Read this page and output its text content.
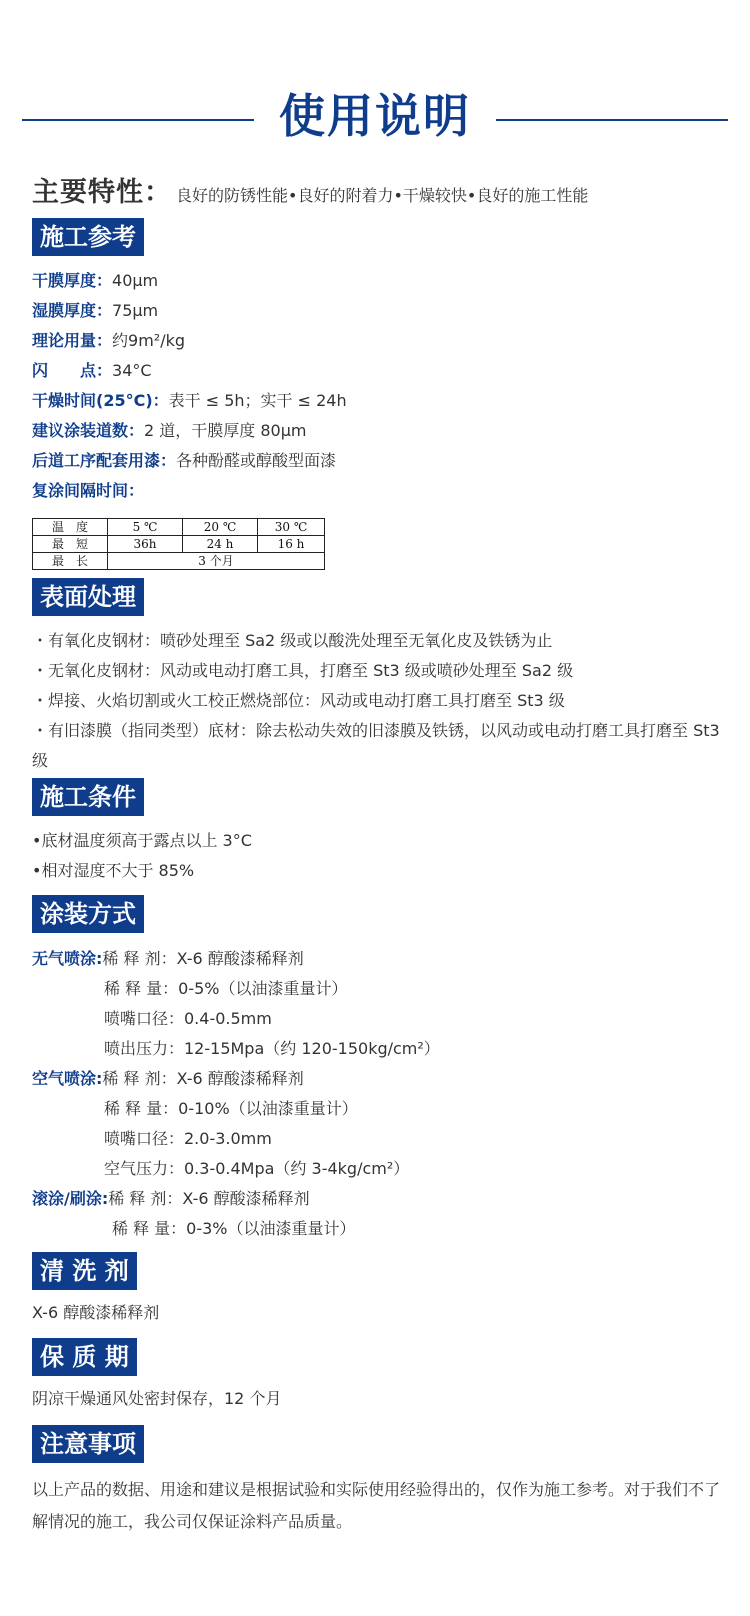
使用说明
主要特性： 良好的防锈性能•良好的附着力•干燥较快•良好的施工性能
施工参考
干膜厚度：40μm
湿膜厚度：75μm
理论用量：约9m²/kg
闪　　点：34°C
干燥时间(25°C)：表干 ≤ 5h；实干 ≤ 24h
建议涂装道数：2 道，干膜厚度 80μm
后道工序配套用漆：各种酚醛或醇酸型面漆
复涂间隔时间：
温　度	5 ℃	20 ℃	30 ℃
最　短	36h	24 h	16 h
最　长	3 个月		
表面处理
・有氧化皮钢材：喷砂处理至 Sa2 级或以酸洗处理至无氧化皮及铁锈为止
・无氧化皮钢材：风动或电动打磨工具，打磨至 St3 级或喷砂处理至 Sa2 级
・焊接、火焰切割或火工校正燃烧部位：风动或电动打磨工具打磨至 St3 级
・有旧漆膜（指同类型）底材：除去松动失效的旧漆膜及铁锈，以风动或电动打磨工具打磨至 St3 级
施工条件
•底材温度须高于露点以上 3°C
•相对湿度不大于 85%
涂装方式
无气喷涂:稀 释 剂：X-6 醇酸漆稀释剂
稀 释 量：0-5%（以油漆重量计）
喷嘴口径：0.4-0.5mm
喷出压力：12-15Mpa（约 120-150kg/cm²）
空气喷涂:稀 释 剂：X-6 醇酸漆稀释剂
稀 释 量：0-10%（以油漆重量计）
喷嘴口径：2.0-3.0mm
空气压力：0.3-0.4Mpa（约 3-4kg/cm²）
滚涂/刷涂:稀 释 剂：X-6 醇酸漆稀释剂
稀 释 量：0-3%（以油漆重量计）
清 洗 剂
X-6 醇酸漆稀释剂
保 质 期
阴凉干燥通风处密封保存，12 个月
注意事项
以上产品的数据、用途和建议是根据试验和实际使用经验得出的，仅作为施工参考。对于我们不了解情况的施工，我公司仅保证涂料产品质量。
